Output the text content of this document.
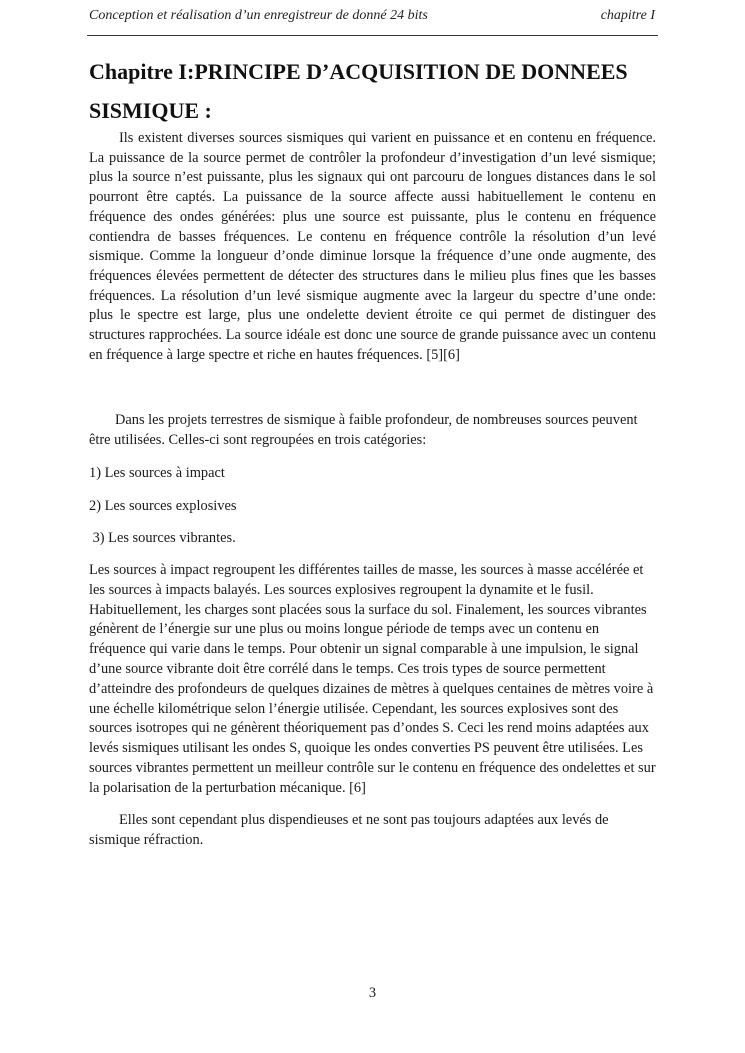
Conception et réalisation d’un enregistreur de donné 24 bits	chapitre I
Chapitre I:PRINCIPE D’ACQUISITION DE DONNEES SISMIQUE :

Ils existent diverses sources sismiques qui varient en puissance et en contenu en fréquence. La puissance de la source permet de contrôler la profondeur d’investigation d’un levé sismique; plus la source n’est puissante, plus les signaux qui ont parcouru de longues distances dans le sol pourront être captés. La puissance de la source affecte aussi habituellement le contenu en fréquence des ondes générées: plus une source est puissante, plus le contenu en fréquence contiendra de basses fréquences. Le contenu en fréquence contrôle la résolution d’un levé sismique. Comme la longueur d’onde diminue lorsque la fréquence d’une onde augmente, des fréquences élevées permettent de détecter des structures dans le milieu plus fines que les basses fréquences. La résolution d’un levé sismique augmente avec la largeur du spectre d’une onde: plus le spectre est large, plus une ondelette devient étroite ce qui permet de distinguer des structures rapprochées. La source idéale est donc une source de grande puissance avec un contenu en fréquence à large spectre et riche en hautes fréquences. [5][6]

Dans les projets terrestres de sismique à faible profondeur, de nombreuses sources peuvent être utilisées. Celles-ci sont regroupées en trois catégories:

1) Les sources à impact

2) Les sources explosives

3) Les sources vibrantes.

Les sources à impact regroupent les différentes tailles de masse, les sources à masse accélérée et les sources à impacts balayés. Les sources explosives regroupent la dynamite et le fusil. Habituellement, les charges sont placées sous la surface du sol. Finalement, les sources vibrantes génèrent de l’énergie sur une plus ou moins longue période de temps avec un contenu en fréquence qui varie dans le temps. Pour obtenir un signal comparable à une impulsion, le signal d’une source vibrante doit être corrélé dans le temps. Ces trois types de source permettent d’atteindre des profondeurs de quelques dizaines de mètres à quelques centaines de mètres voire à une échelle kilométrique selon l’énergie utilisée. Cependant, les sources explosives sont des sources isotropes qui ne génèrent théoriquement pas d’ondes S. Ceci les rend moins adaptées aux levés sismiques utilisant les ondes S, quoique les ondes converties PS peuvent être utilisées. Les sources vibrantes permettent un meilleur contrôle sur le contenu en fréquence des ondelettes et sur la polarisation de la perturbation mécanique. [6]

Elles sont cependant plus dispendieuses et ne sont pas toujours adaptées aux levés de sismique réfraction.

3
